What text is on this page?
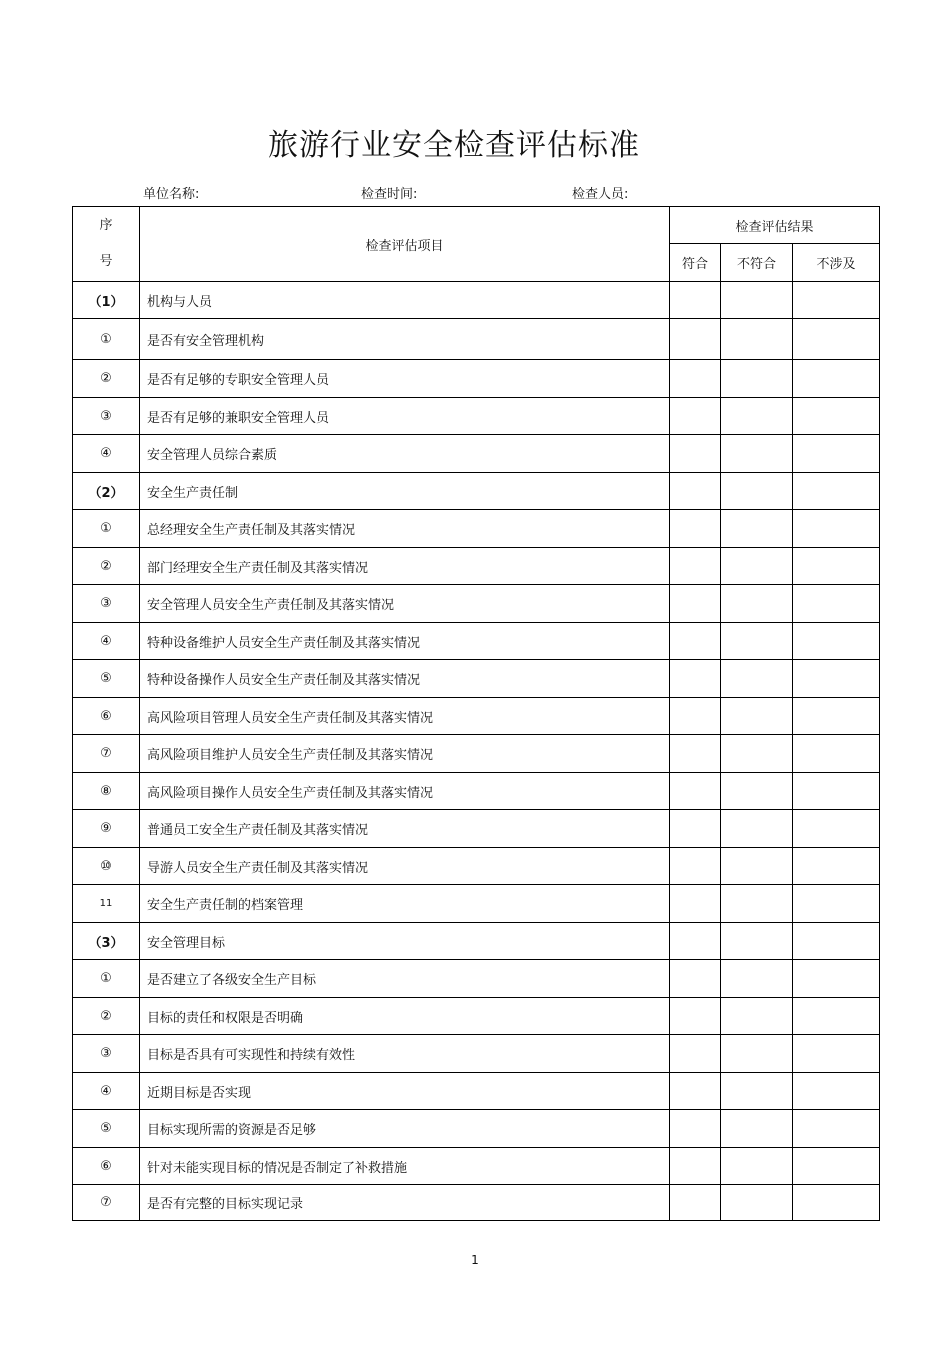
旅游行业安全检查评估标准
单位名称:	检查时间:	检查人员:
序
号	检查评估项目	检查评估结果		
		符合	不符合	不涉及
（1）	机构与人员			
①	是否有安全管理机构			
②	是否有足够的专职安全管理人员			
③	是否有足够的兼职安全管理人员			
④	安全管理人员综合素质			
（2）	安全生产责任制			
①	总经理安全生产责任制及其落实情况			
②	部门经理安全生产责任制及其落实情况			
③	安全管理人员安全生产责任制及其落实情况			
④	特种设备维护人员安全生产责任制及其落实情况			
⑤	特种设备操作人员安全生产责任制及其落实情况			
⑥	高风险项目管理人员安全生产责任制及其落实情况			
⑦	高风险项目维护人员安全生产责任制及其落实情况			
⑧	高风险项目操作人员安全生产责任制及其落实情况			
⑨	普通员工安全生产责任制及其落实情况			
⑩	导游人员安全生产责任制及其落实情况			
11	安全生产责任制的档案管理			
（3）	安全管理目标			
①	是否建立了各级安全生产目标			
②	目标的责任和权限是否明确			
③	目标是否具有可实现性和持续有效性			
④	近期目标是否实现			
⑤	目标实现所需的资源是否足够			
⑥	针对未能实现目标的情况是否制定了补救措施			
⑦	是否有完整的目标实现记录			
1
